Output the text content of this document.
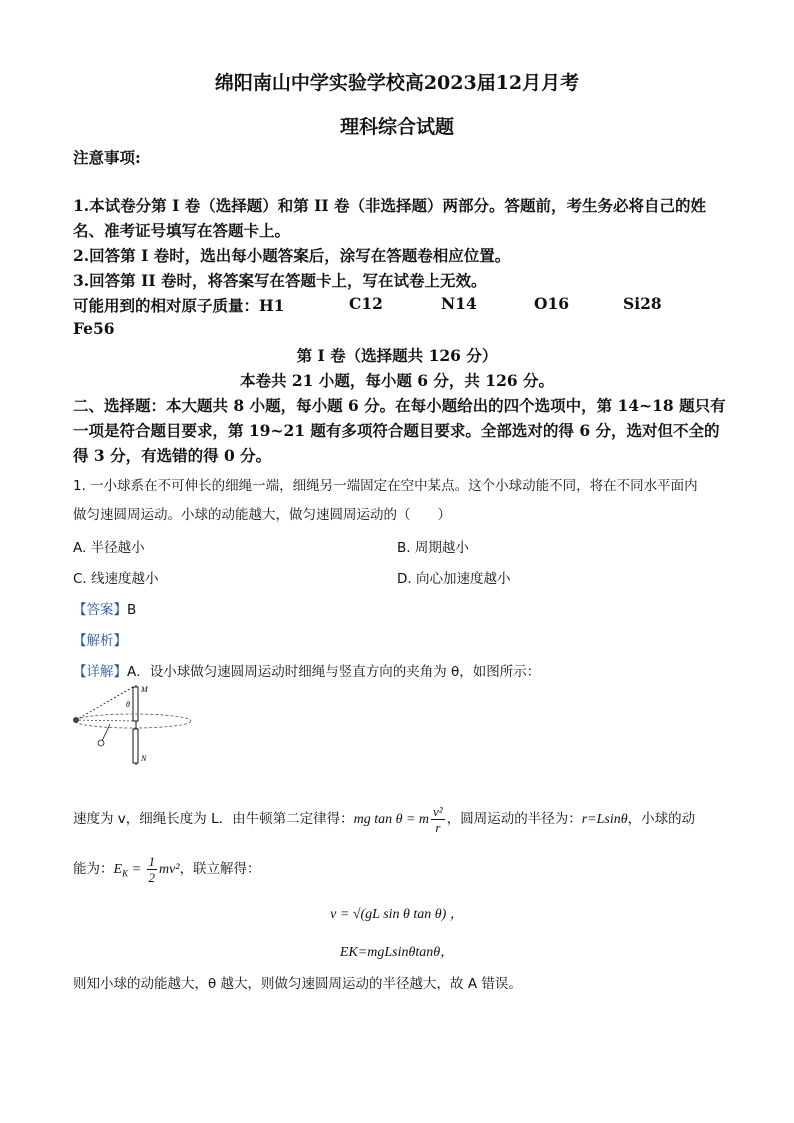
绵阳南山中学实验学校高2023届12月月考
理科综合试题
注意事项:
1.本试卷分第 I 卷（选择题）和第 II 卷（非选择题）两部分。答题前，考生务必将自己的姓
名、准考证号填写在答题卡上。
2.回答第 I 卷时，选出每小题答案后，涂写在答题卷相应位置。
3.回答第 II 卷时，将答案写在答题卡上，写在试卷上无效。
可能用到的相对原子质量：H1	C12	N14	O16	Si28
Fe56
第 I 卷（选择题共 126 分）
本卷共 21 小题，每小题 6 分，共 126 分。
二、选择题：本大题共 8 小题，每小题 6 分。在每小题给出的四个选项中，第 14~18 题只有
一项是符合题目要求，第 19~21 题有多项符合题目要求。全部选对的得 6 分，选对但不全的
得 3 分，有选错的得 0 分。
1. 一小球系在不可伸长的细绳一端，细绳另一端固定在空中某点。这个小球动能不同，将在不同水平面内
做匀速圆周运动。小球的动能越大，做匀速圆周运动的（　　）
A. 半径越小	B. 周期越小
C. 线速度越小	D. 向心加速度越小
【答案】B
【解析】
【详解】A．设小球做匀速圆周运动时细绳与竖直方向的夹角为 θ，如图所示：
M
θ
N
速度为 v，细绳长度为 L．由牛顿第二定律得：mg tan θ = m $\frac{\text{v²}}{r}$ ，圆周运动的半径为：r=Lsinθ，小球的动
能为：$E_K = \frac{1}{2} mv^2$，联立解得：
v = √(gL sin θ tan θ) ，
EK=mgLsinθtanθ，
则知小球的动能越大，θ 越大，则做匀速圆周运动的半径越大，故 A 错误。
